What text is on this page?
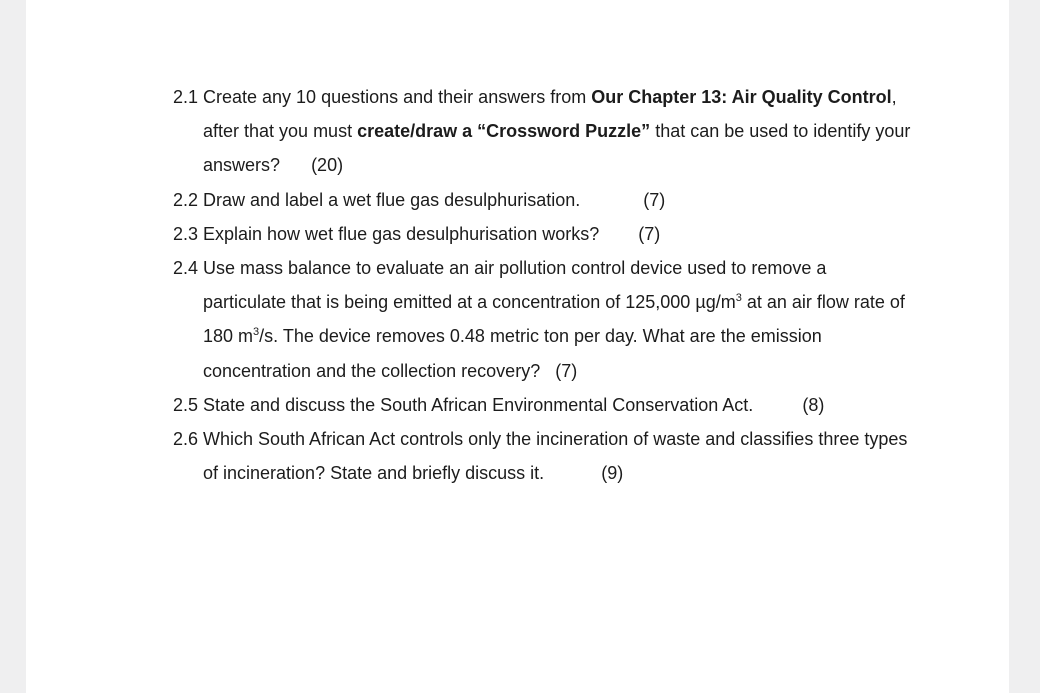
2.1 Create any 10 questions and their answers from Our Chapter 13: Air Quality Control, after that you must create/draw a “Crossword Puzzle” that can be used to identify your answers? (20)

2.2 Draw and label a wet flue gas desulphurisation.	(7)

2.3 Explain how wet flue gas desulphurisation works? (7)

2.4 Use mass balance to evaluate an air pollution control device used to remove a particulate that is being emitted at a concentration of 125,000 $\mu g/m^3$ at an air flow rate of 180 $m^3/s$. The device removes 0.48 metric ton per day. What are the emission concentration and the collection recovery? (7)

2.5 State and discuss the South African Environmental Conservation Act.	(8)

2.6 Which South African Act controls only the incineration of waste and classifies three types of incineration? State and briefly discuss it.	(9)
